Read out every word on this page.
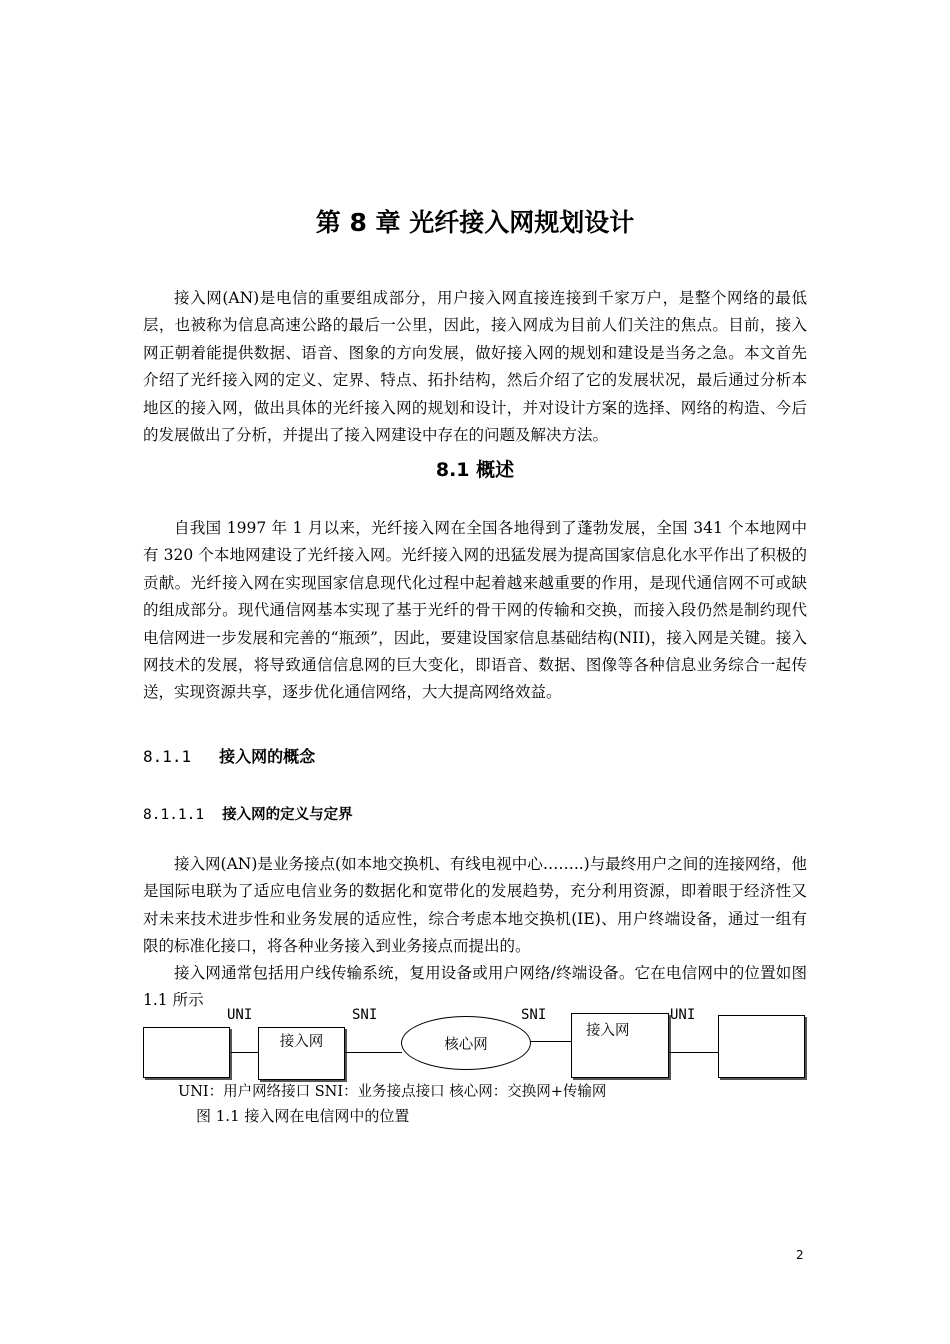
第 8 章 光纤接入网规划设计

接入网(AN)是电信的重要组成部分，用户接入网直接连接到千家万户，是整个网络的最低层，也被称为信息高速公路的最后一公里，因此，接入网成为目前人们关注的焦点。目前，接入网正朝着能提供数据、语音、图象的方向发展，做好接入网的规划和建设是当务之急。本文首先介绍了光纤接入网的定义、定界、特点、拓扑结构，然后介绍了它的发展状况，最后通过分析本地区的接入网，做出具体的光纤接入网的规划和设计，并对设计方案的选择、网络的构造、今后的发展做出了分析，并提出了接入网建设中存在的问题及解决方法。

8.1 概述

自我国 1997 年 1 月以来，光纤接入网在全国各地得到了蓬勃发展，全国 341 个本地网中有 320 个本地网建设了光纤接入网。光纤接入网的迅猛发展为提高国家信息化水平作出了积极的贡献。光纤接入网在实现国家信息现代化过程中起着越来越重要的作用，是现代通信网不可或缺的组成部分。现代通信网基本实现了基于光纤的骨干网的传输和交换，而接入段仍然是制约现代电信网进一步发展和完善的“瓶颈”，因此，要建设国家信息基础结构(NII)，接入网是关键。接入网技术的发展，将导致通信信息网的巨大变化，即语音、数据、图像等各种信息业务综合一起传送，实现资源共享，逐步优化通信网络，大大提高网络效益。

8.1.1 接入网的概念
8.1.1.1 接入网的定义与定界

接入网(AN)是业务接点(如本地交换机、有线电视中心……..)与最终用户之间的连接网络，他是国际电联为了适应电信业务的数据化和宽带化的发展趋势，充分利用资源，即着眼于经济性又对未来技术进步性和业务发展的适应性，综合考虑本地交换机(IE)、用户终端设备，通过一组有限的标准化接口，将各种业务接入到业务接点而提出的。

接入网通常包括用户线传输系统，复用设备或用户网络/终端设备。它在电信网中的位置如图 1.1 所示

UNI	SNI	SNI	UNI
接入网	核心网
接入网
UNI：用户网络接口 SNI：业务接点接口 核心网：交换网+传输网
图 1.1 接入网在电信网中的位置
2
